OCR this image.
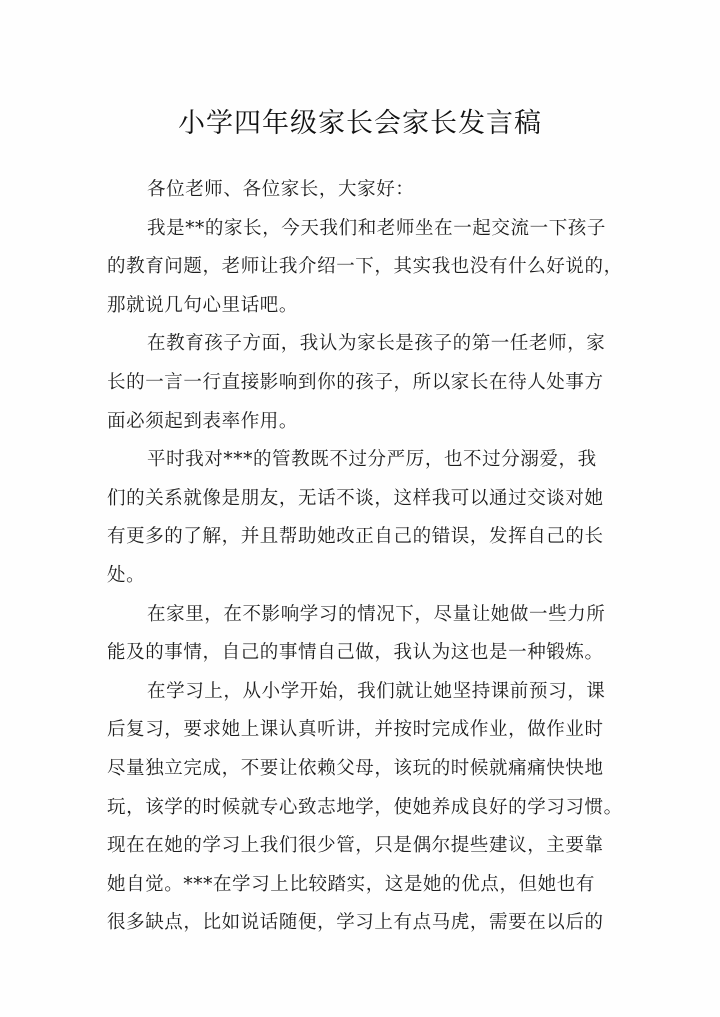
小学四年级家长会家长发言稿
各位老师、各位家长，大家好：
我是**的家长，今天我们和老师坐在一起交流一下孩子
的教育问题，老师让我介绍一下，其实我也没有什么好说的，
那就说几句心里话吧。
在教育孩子方面，我认为家长是孩子的第一任老师，家
长的一言一行直接影响到你的孩子，所以家长在待人处事方
面必须起到表率作用。
平时我对***的管教既不过分严厉，也不过分溺爱，我
们的关系就像是朋友，无话不谈，这样我可以通过交谈对她
有更多的了解，并且帮助她改正自己的错误，发挥自己的长
处。
在家里，在不影响学习的情况下，尽量让她做一些力所
能及的事情，自己的事情自己做，我认为这也是一种锻炼。
在学习上，从小学开始，我们就让她坚持课前预习，课
后复习，要求她上课认真听讲，并按时完成作业，做作业时
尽量独立完成，不要让依赖父母，该玩的时候就痛痛快快地
玩，该学的时候就专心致志地学，使她养成良好的学习习惯。
现在在她的学习上我们很少管，只是偶尔提些建议，主要靠
她自觉。***在学习上比较踏实，这是她的优点，但她也有
很多缺点，比如说话随便，学习上有点马虎，需要在以后的
